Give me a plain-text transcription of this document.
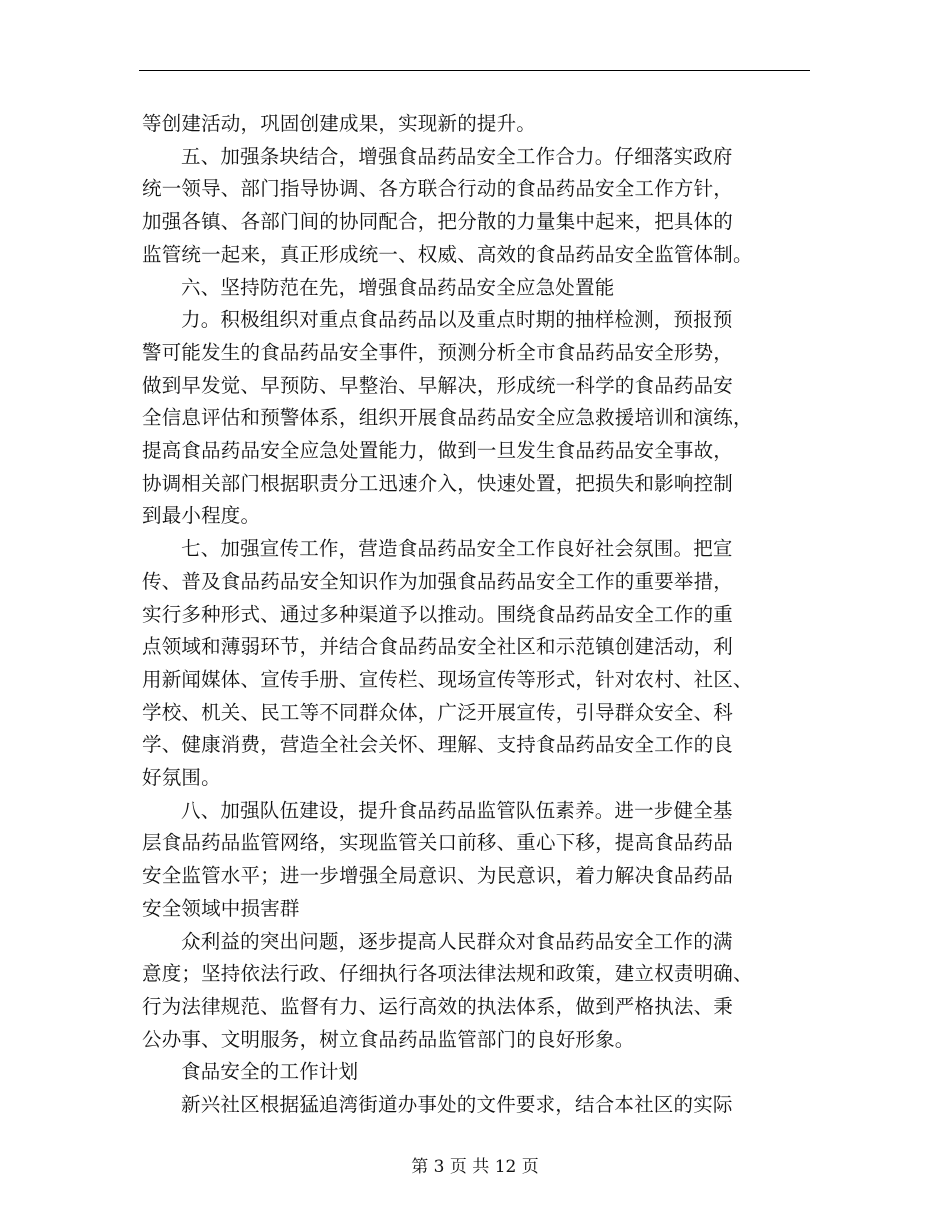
等创建活动，巩固创建成果，实现新的提升。
五、加强条块结合，增强食品药品安全工作合力。仔细落实政府
统一领导、部门指导协调、各方联合行动的食品药品安全工作方针，
加强各镇、各部门间的协同配合，把分散的力量集中起来，把具体的
监管统一起来，真正形成统一、权威、高效的食品药品安全监管体制。
六、坚持防范在先，增强食品药品安全应急处置能
力。积极组织对重点食品药品以及重点时期的抽样检测，预报预
警可能发生的食品药品安全事件，预测分析全市食品药品安全形势，
做到早发觉、早预防、早整治、早解决，形成统一科学的食品药品安
全信息评估和预警体系，组织开展食品药品安全应急救援培训和演练，
提高食品药品安全应急处置能力，做到一旦发生食品药品安全事故，
协调相关部门根据职责分工迅速介入，快速处置，把损失和影响控制
到最小程度。
七、加强宣传工作，营造食品药品安全工作良好社会氛围。把宣
传、普及食品药品安全知识作为加强食品药品安全工作的重要举措，
实行多种形式、通过多种渠道予以推动。围绕食品药品安全工作的重
点领域和薄弱环节，并结合食品药品安全社区和示范镇创建活动，利
用新闻媒体、宣传手册、宣传栏、现场宣传等形式，针对农村、社区、
学校、机关、民工等不同群众体，广泛开展宣传，引导群众安全、科
学、健康消费，营造全社会关怀、理解、支持食品药品安全工作的良
好氛围。
八、加强队伍建设，提升食品药品监管队伍素养。进一步健全基
层食品药品监管网络，实现监管关口前移、重心下移，提高食品药品
安全监管水平；进一步增强全局意识、为民意识，着力解决食品药品
安全领域中损害群
众利益的突出问题，逐步提高人民群众对食品药品安全工作的满
意度；坚持依法行政、仔细执行各项法律法规和政策，建立权责明确、
行为法律规范、监督有力、运行高效的执法体系，做到严格执法、秉
公办事、文明服务，树立食品药品监管部门的良好形象。
食品安全的工作计划
新兴社区根据猛追湾街道办事处的文件要求，结合本社区的实际
第 3 页 共 12 页
